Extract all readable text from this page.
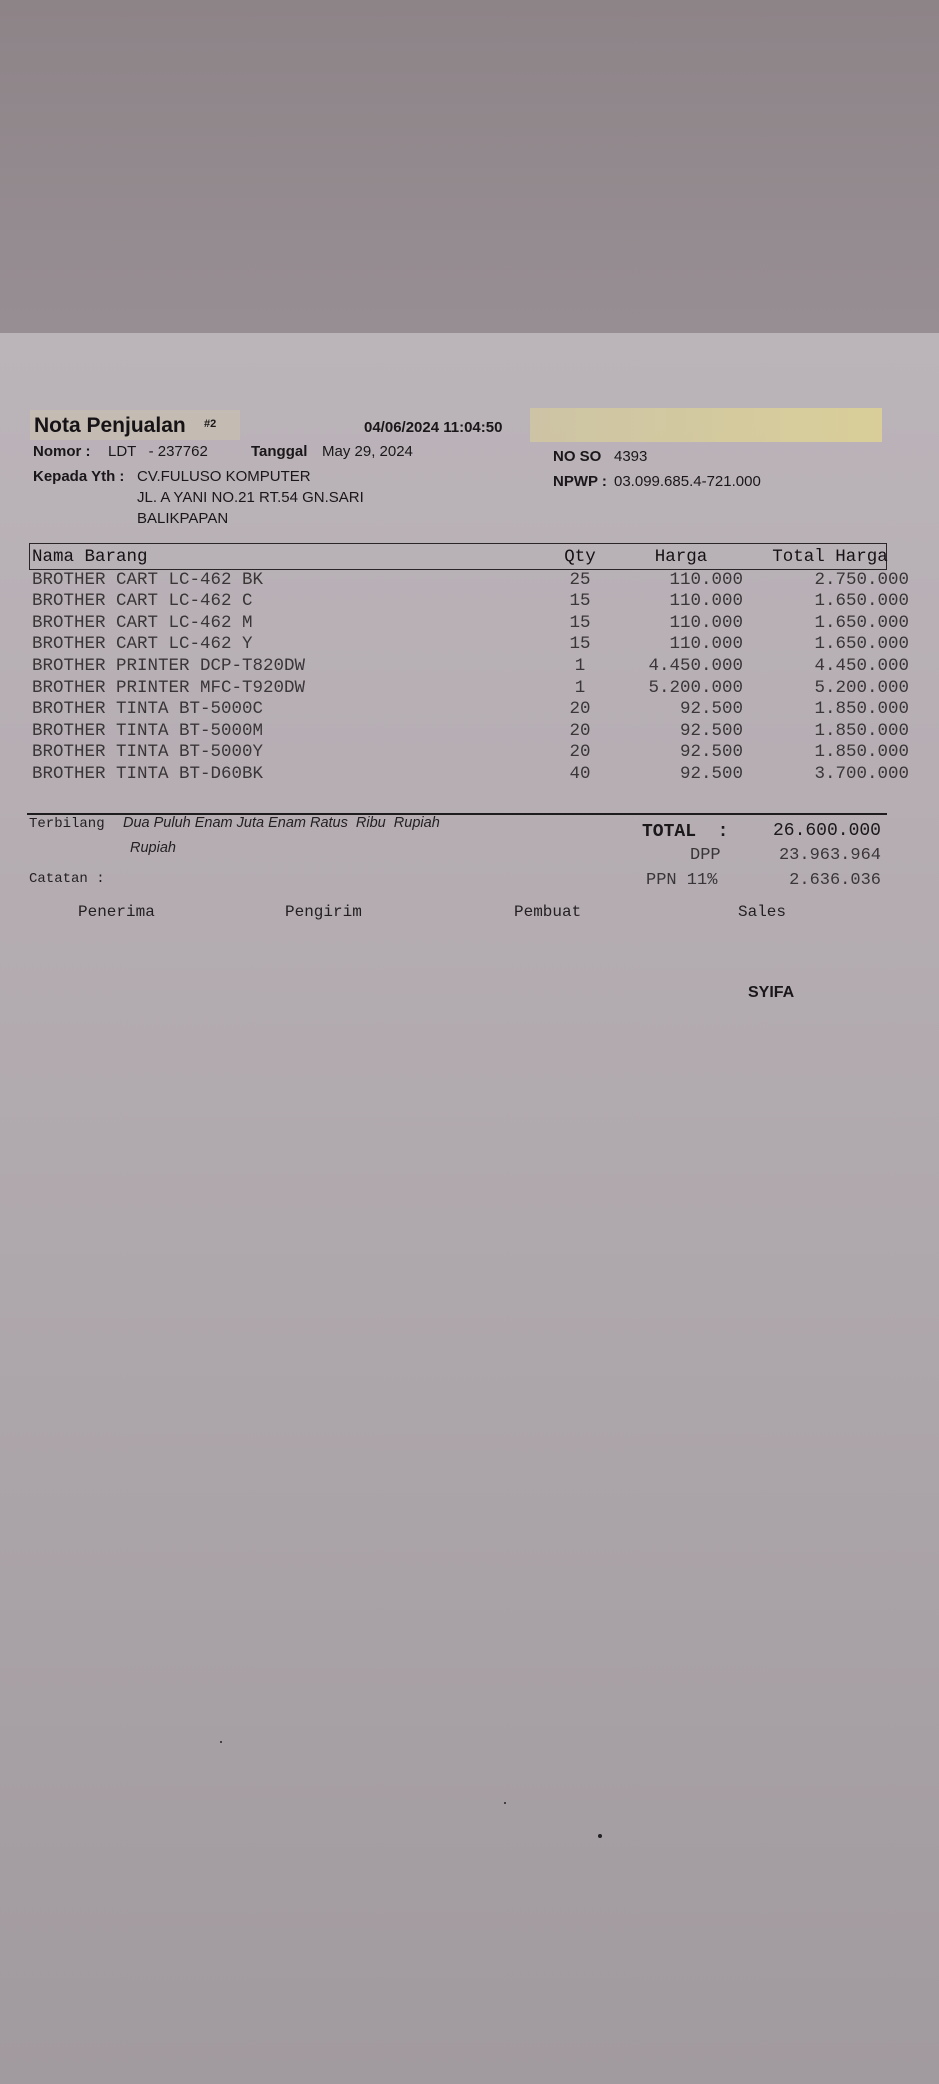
Nota Penjualan #2	04/06/2024 11:04:50
Nomor : LDT   - 237762	Tanggal May 29, 2024	NO SO 4393
Kepada Yth : CV.FULUSO KOMPUTER
JL. A YANI NO.21 RT.54 GN.SARI
BALIKPAPAN
NPWP : 03.099.685.4-721.000
Nama Barang	Qty	Harga	Total Harga
BROTHER CART LC-462 BK	25	110.000	2.750.000
BROTHER CART LC-462 C	15	110.000	1.650.000
BROTHER CART LC-462 M	15	110.000	1.650.000
BROTHER CART LC-462 Y	15	110.000	1.650.000
BROTHER PRINTER DCP-T820DW	1	4.450.000	4.450.000
BROTHER PRINTER MFC-T920DW	1	5.200.000	5.200.000
BROTHER TINTA BT-5000C	20	92.500	1.850.000
BROTHER TINTA BT-5000M	20	92.500	1.850.000
BROTHER TINTA BT-5000Y	20	92.500	1.850.000
BROTHER TINTA BT-D60BK	40	92.500	3.700.000
Terbilang Dua Puluh Enam Juta Enam Ratus  Ribu  Rupiah
Rupiah
Catatan :
TOTAL  :	26.600.000
DPP	23.963.964
PPN 11%	2.636.036
Penerima	Pengirim	Pembuat	Sales
SYIFA
